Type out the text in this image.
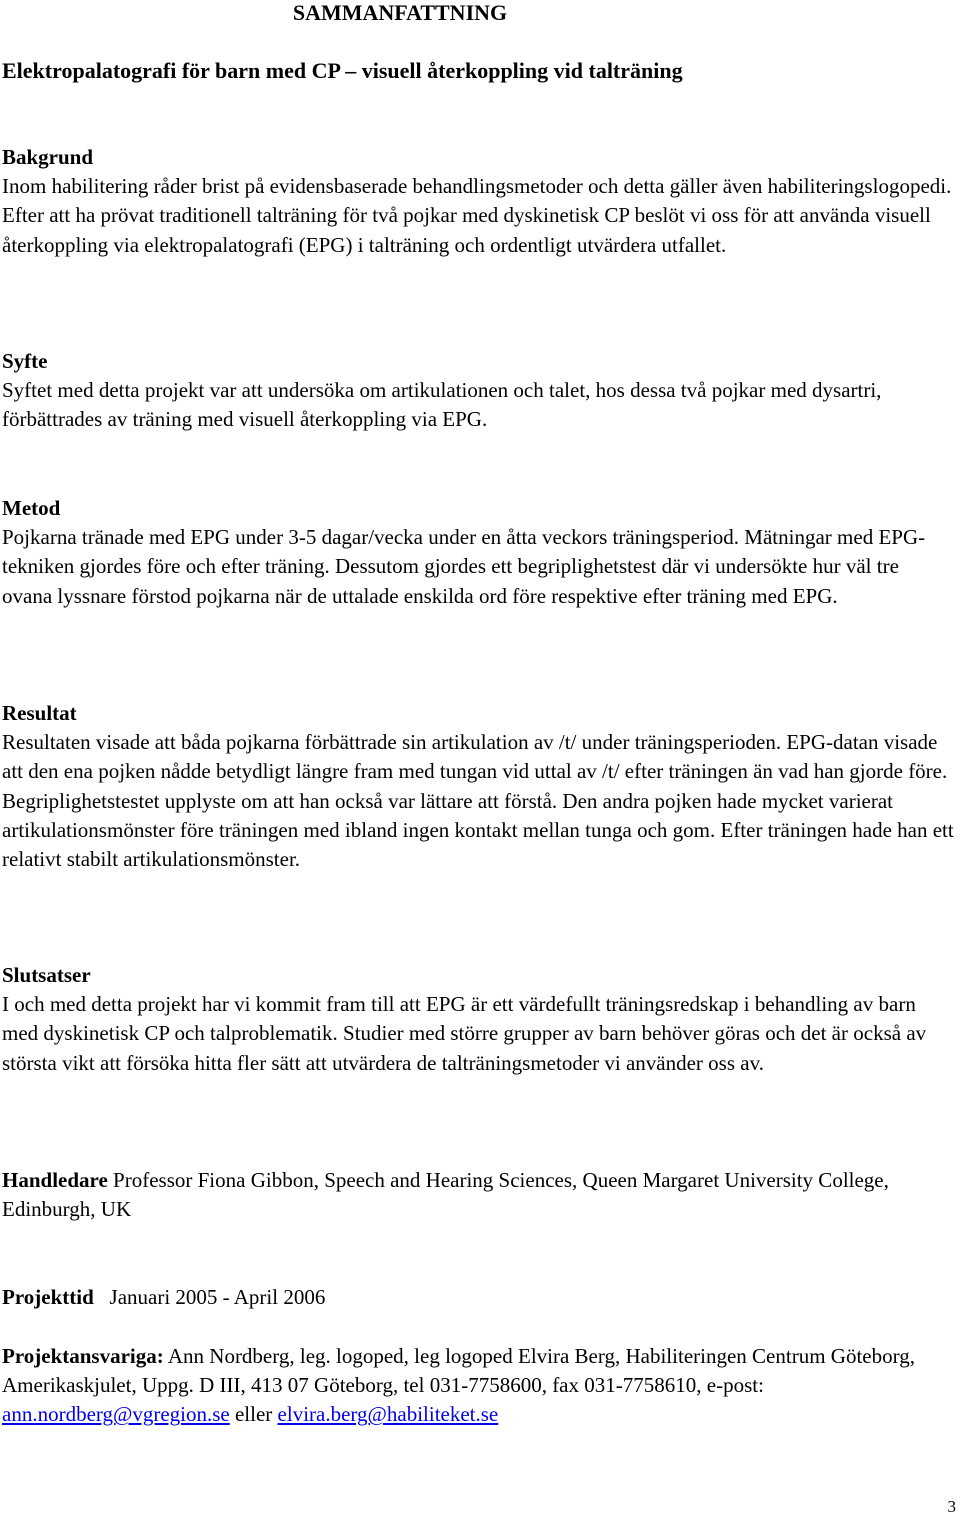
SAMMANFATTNING
Elektropalatografi för barn med CP – visuell återkoppling vid talträning
Bakgrund

Inom habilitering råder brist på evidensbaserade behandlingsmetoder och detta gäller även habiliteringslogopedi. Efter att ha prövat traditionell talträning för två pojkar med dyskinetisk CP beslöt vi oss för att använda visuell återkoppling via elektropalatografi (EPG) i talträning och ordentligt utvärdera utfallet.

Syfte

Syftet med detta projekt var att undersöka om artikulationen och talet, hos dessa två pojkar med dysartri, förbättrades av träning med visuell återkoppling via EPG.

Metod

Pojkarna tränade med EPG under 3-5 dagar/vecka under en åtta veckors träningsperiod. Mätningar med EPG-tekniken gjordes före och efter träning. Dessutom gjordes ett begriplighetstest där vi undersökte hur väl tre ovana lyssnare förstod pojkarna när de uttalade enskilda ord före respektive efter träning med EPG.

Resultat

Resultaten visade att båda pojkarna förbättrade sin artikulation av /t/ under träningsperioden. EPG-datan visade att den ena pojken nådde betydligt längre fram med tungan vid uttal av /t/ efter träningen än vad han gjorde före. Begriplighetstestet upplyste om att han också var lättare att förstå. Den andra pojken hade mycket varierat artikulationsmönster före träningen med ibland ingen kontakt mellan tunga och gom. Efter träningen hade han ett relativt stabilt artikulationsmönster.

Slutsatser

I och med detta projekt har vi kommit fram till att EPG är ett värdefullt träningsredskap i behandling av barn med dyskinetisk CP och talproblematik. Studier med större grupper av barn behöver göras och det är också av största vikt att försöka hitta fler sätt att utvärdera de talträningsmetoder vi använder oss av.

Handledare Professor Fiona Gibbon, Speech and Hearing Sciences, Queen Margaret University College, Edinburgh, UK
Projekttid Januari 2005 - April 2006
Projektansvariga: Ann Nordberg, leg. logoped, leg logoped Elvira Berg, Habiliteringen Centrum Göteborg, Amerikaskjulet, Uppg. D III, 413 07 Göteborg, tel 031-7758600, fax 031-7758610, e-post: ann.nordberg@vgregion.se eller elvira.berg@habiliteket.se
3
